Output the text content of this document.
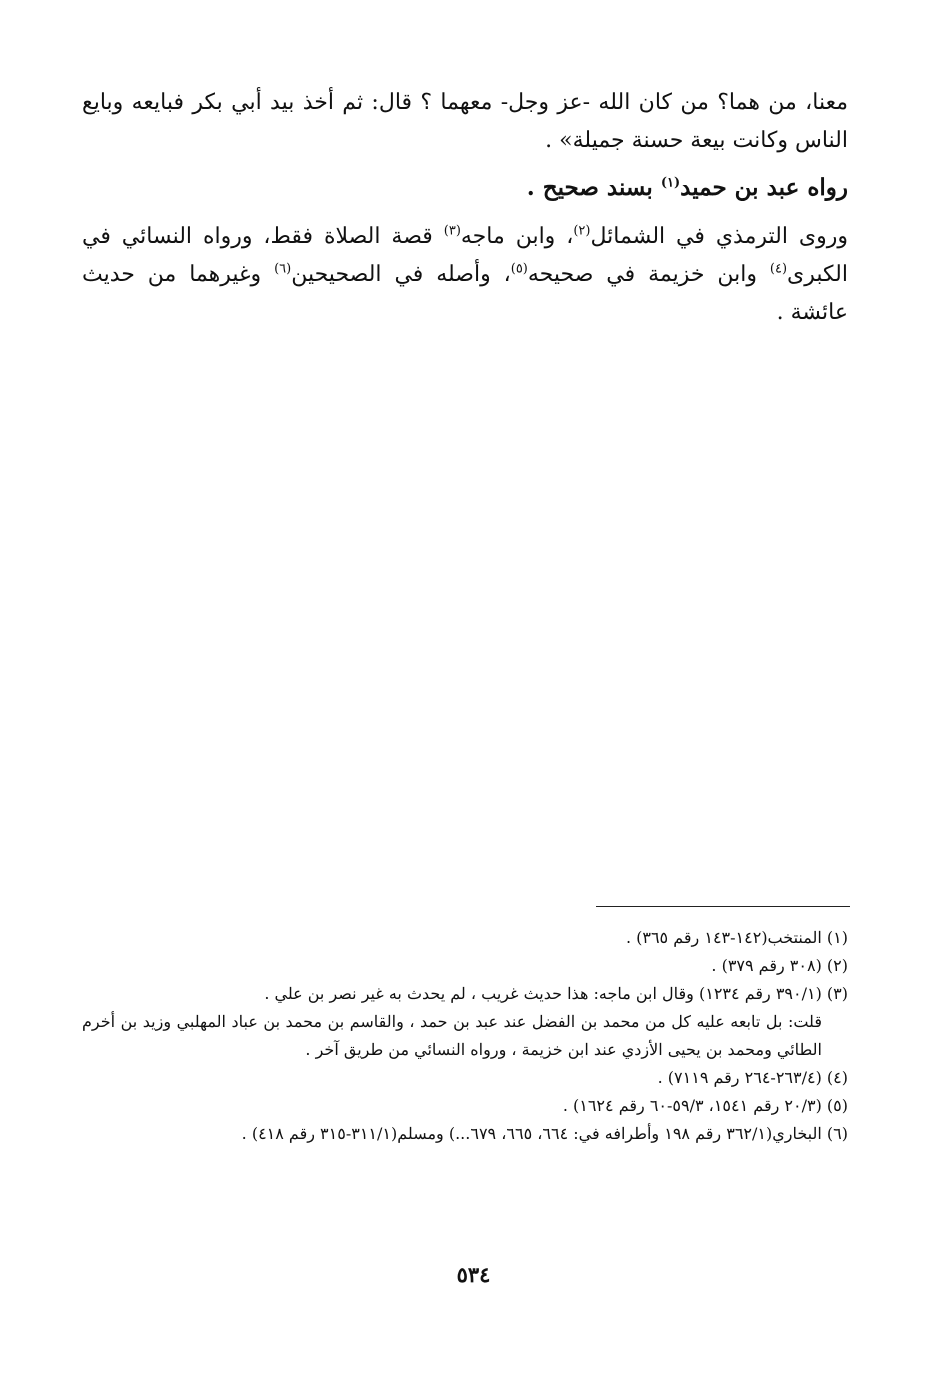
معنا، من هما؟ من كان الله -عز وجل- معهما ؟ قال: ثم أخذ بيد أبي بكر فبايعه وبايع الناس وكانت بيعة حسنة جميلة» .

رواه عبد بن حميد$^{(١)}$ بسند صحيح .

وروى الترمذي في الشمائل$^{(٢)}$، وابن ماجه$^{(٣)}$ قصة الصلاة فقط، ورواه النسائي في الكبرى$^{(٤)}$ وابن خزيمة في صحيحه$^{(٥)}$، وأصله في الصحيحين$^{(٦)}$ وغيرهما من حديث عائشة .

(١) المنتخب(١٤٢-١٤٣ رقم ٣٦٥) .

(٢) (٣٠٨ رقم ٣٧٩) .

(٣) (٣٩٠/١ رقم ١٢٣٤) وقال ابن ماجه: هذا حديث غريب ، لم يحدث به غير نصر بن علي .

قلت: بل تابعه عليه كل من محمد بن الفضل عند عبد بن حمد ، والقاسم بن محمد بن عباد المهلبي وزيد بن أخرم الطائي ومحمد بن يحيى الأزدي عند ابن خزيمة ، ورواه النسائي من طريق آخر .

(٤) (٢٦٣/٤-٢٦٤ رقم ٧١١٩) .

(٥) (٢٠/٣ رقم ١٥٤١، ٥٩/٣-٦٠ رقم ١٦٢٤) .

(٦) البخاري(٣٦٢/١ رقم ١٩٨ وأطرافه في: ٦٦٤، ٦٦٥، ٦٧٩...) ومسلم(٣١١/١-٣١٥ رقم ٤١٨) .

٥٣٤
